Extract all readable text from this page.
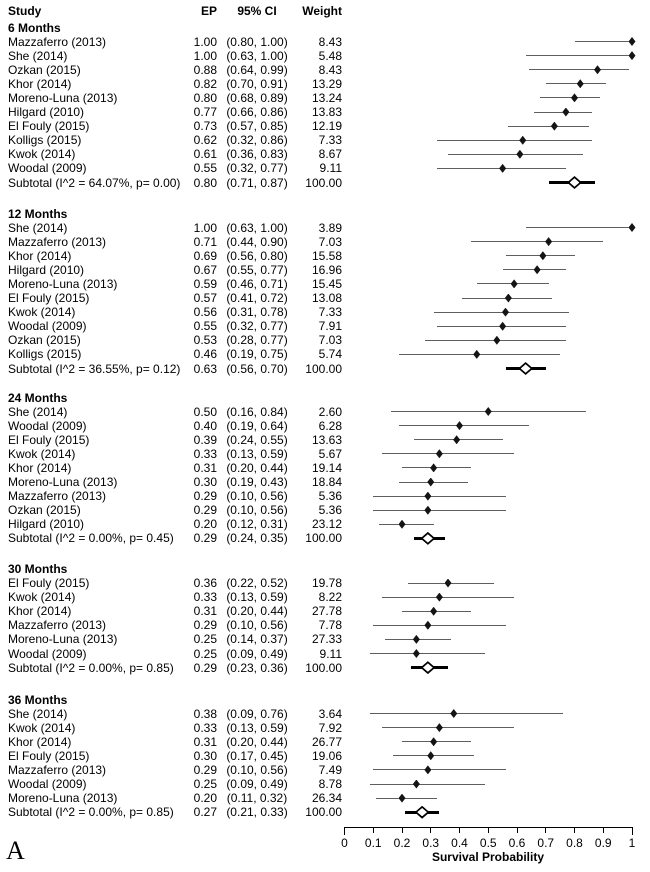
Study	EP	95% CI	Weight
Survival Probability
A
6 Months
Mazzaferro (2013)	1.00 (0.80, 1.00)	8.43
She (2014)	1.00 (0.63, 1.00)	5.48
Ozkan (2015)	0.88 (0.64, 0.99)	8.43
Khor (2014)	0.82 (0.70, 0.91)	13.29
Moreno-Luna (2013)	0.80 (0.68, 0.89)	13.24
Hilgard (2010)	0.77 (0.66, 0.86)	13.83
El Fouly (2015)	0.73 (0.57, 0.85)	12.19
Kolligs (2015)	0.62 (0.32, 0.86)	7.33
Kwok (2014)	0.61 (0.36, 0.83)	8.67
Woodal (2009)	0.55 (0.32, 0.77)	9.11
Subtotal (I^2 = 64.07%, p= 0.00)	0.80 (0.71, 0.87)	100.00
12 Months
She (2014)	1.00 (0.63, 1.00)	3.89
Mazzaferro (2013)	0.71 (0.44, 0.90)	7.03
Khor (2014)	0.69 (0.56, 0.80)	15.58
Hilgard (2010)	0.67 (0.55, 0.77)	16.96
Moreno-Luna (2013)	0.59 (0.46, 0.71)	15.45
El Fouly (2015)	0.57 (0.41, 0.72)	13.08
Kwok (2014)	0.56 (0.31, 0.78)	7.33
Woodal (2009)	0.55 (0.32, 0.77)	7.91
Ozkan (2015)	0.53 (0.28, 0.77)	7.03
Kolligs (2015)	0.46 (0.19, 0.75)	5.74
Subtotal (I^2 = 36.55%, p= 0.12)	0.63 (0.56, 0.70)	100.00
24 Months
She (2014)	0.50 (0.16, 0.84)	2.60
Woodal (2009)	0.40 (0.19, 0.64)	6.28
El Fouly (2015)	0.39 (0.24, 0.55)	13.63
Kwok (2014)	0.33 (0.13, 0.59)	5.67
Khor (2014)	0.31 (0.20, 0.44)	19.14
Moreno-Luna (2013)	0.30 (0.19, 0.43)	18.84
Mazzaferro (2013)	0.29 (0.10, 0.56)	5.36
Ozkan (2015)	0.29 (0.10, 0.56)	5.36
Hilgard (2010)	0.20 (0.12, 0.31)	23.12
Subtotal (I^2 = 0.00%, p= 0.45)	0.29 (0.24, 0.35)	100.00
30 Months
El Fouly (2015)	0.36 (0.22, 0.52)	19.78
Kwok (2014)	0.33 (0.13, 0.59)	8.22
Khor (2014)	0.31 (0.20, 0.44)	27.78
Mazzaferro (2013)	0.29 (0.10, 0.56)	7.78
Moreno-Luna (2013)	0.25 (0.14, 0.37)	27.33
Woodal (2009)	0.25 (0.09, 0.49)	9.11
Subtotal (I^2 = 0.00%, p= 0.85)	0.29 (0.23, 0.36)	100.00
36 Months
She (2014)	0.38 (0.09, 0.76)	3.64
Kwok (2014)	0.33 (0.13, 0.59)	7.92
Khor (2014)	0.31 (0.20, 0.44)	26.77
El Fouly (2015)	0.30 (0.17, 0.45)	19.06
Mazzaferro (2013)	0.29 (0.10, 0.56)	7.49
Woodal (2009)	0.25 (0.09, 0.49)	8.78
Moreno-Luna (2013)	0.20 (0.11, 0.32)	26.34
Subtotal (I^2 = 0.00%, p= 0.85)	0.27 (0.21, 0.33)	100.00
0 0.1 0.2 0.3 0.4 0.5 0.6 0.7 0.8 0.9 1
